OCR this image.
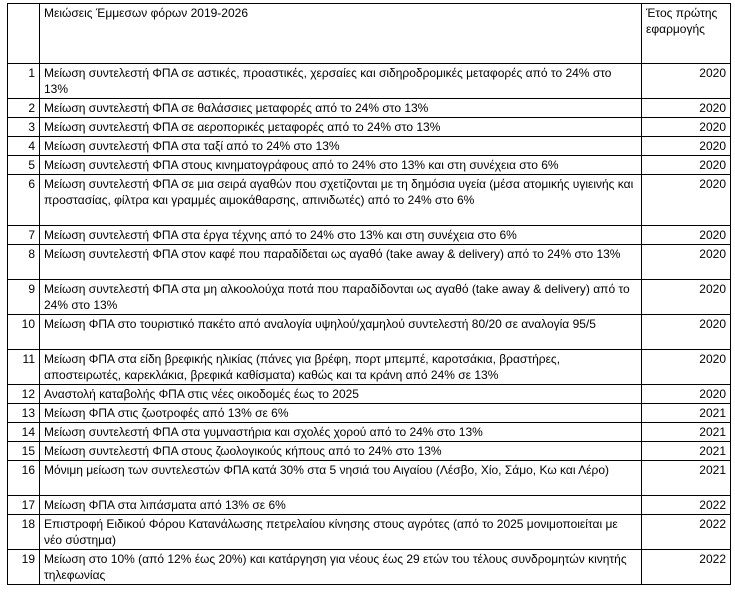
	Μειώσεις Έμμεσων φόρων 2019-2026	Έτος πρώτης εφαρμογής
1	Μείωση συντελεστή ΦΠΑ σε αστικές, προαστικές, χερσαίες και σιδηροδρομικές μεταφορές από το 24% στο 13%	2020
2	Μείωση συντελεστή ΦΠΑ σε θαλάσσιες μεταφορές από το 24% στο 13%	2020
3	Μείωση συντελεστή ΦΠΑ σε αεροπορικές μεταφορές από το 24% στο 13%	2020
4	Μείωση συντελεστή ΦΠΑ στα ταξί από το 24% στο 13%	2020
5	Μείωση συντελεστή ΦΠΑ στους κινηματογράφους από το 24% στο 13% και στη συνέχεια στο 6%	2020
6	Μείωση συντελεστή ΦΠΑ σε μια σειρά αγαθών που σχετίζονται με τη δημόσια υγεία (μέσα ατομικής υγιεινής και προστασίας, φίλτρα και γραμμές αιμοκάθαρσης, απινιδωτές) από το 24% στο 6%	2020
7	Μείωση συντελεστή ΦΠΑ στα έργα τέχνης από το 24% στο 13% και στη συνέχεια στο 6%	2020
8	Μείωση συντελεστή ΦΠΑ στον καφέ που παραδίδεται ως αγαθό (take away & delivery) από το 24% στο 13%	2020
9	Μείωση συντελεστή ΦΠΑ στα μη αλκοολούχα ποτά που παραδίδονται ως αγαθό (take away & delivery) από το 24% στο 13%	2020
10	Μείωση ΦΠΑ στο τουριστικό πακέτο από αναλογία υψηλού/χαμηλού συντελεστή 80/20 σε αναλογία 95/5	2020
11	Μείωση ΦΠΑ στα είδη βρεφικής ηλικίας (πάνες για βρέφη, πορτ μπεμπέ, καροτσάκια, βραστήρες, αποστειρωτές, καρεκλάκια, βρεφικά καθίσματα) καθώς και τα κράνη από 24% σε 13%	2020
12	Αναστολή καταβολής ΦΠΑ στις νέες οικοδομές έως το 2025	2020
13	Μείωση ΦΠΑ στις ζωοτροφές από 13% σε 6%	2021
14	Μείωση συντελεστή ΦΠΑ στα γυμναστήρια και σχολές χορού από το 24% στο 13%	2021
15	Μείωση συντελεστή ΦΠΑ στους ζωολογικούς κήπους από το 24% στο 13%	2021
16	Μόνιμη μείωση των συντελεστών ΦΠΑ κατά 30% στα 5 νησιά του Αιγαίου (Λέσβο, Χίο, Σάμο, Κω και Λέρο)	2021
17	Μείωση ΦΠΑ στα λιπάσματα από 13% σε 6%	2022
18	Επιστροφή Ειδικού Φόρου Κατανάλωσης πετρελαίου κίνησης στους αγρότες (από το 2025 μονιμοποιείται με νέο σύστημα)	2022
19	Μείωση στο 10% (από 12% έως 20%) και κατάργηση για νέους έως 29 ετών του τέλους συνδρομητών κινητής τηλεφωνίας	2022
